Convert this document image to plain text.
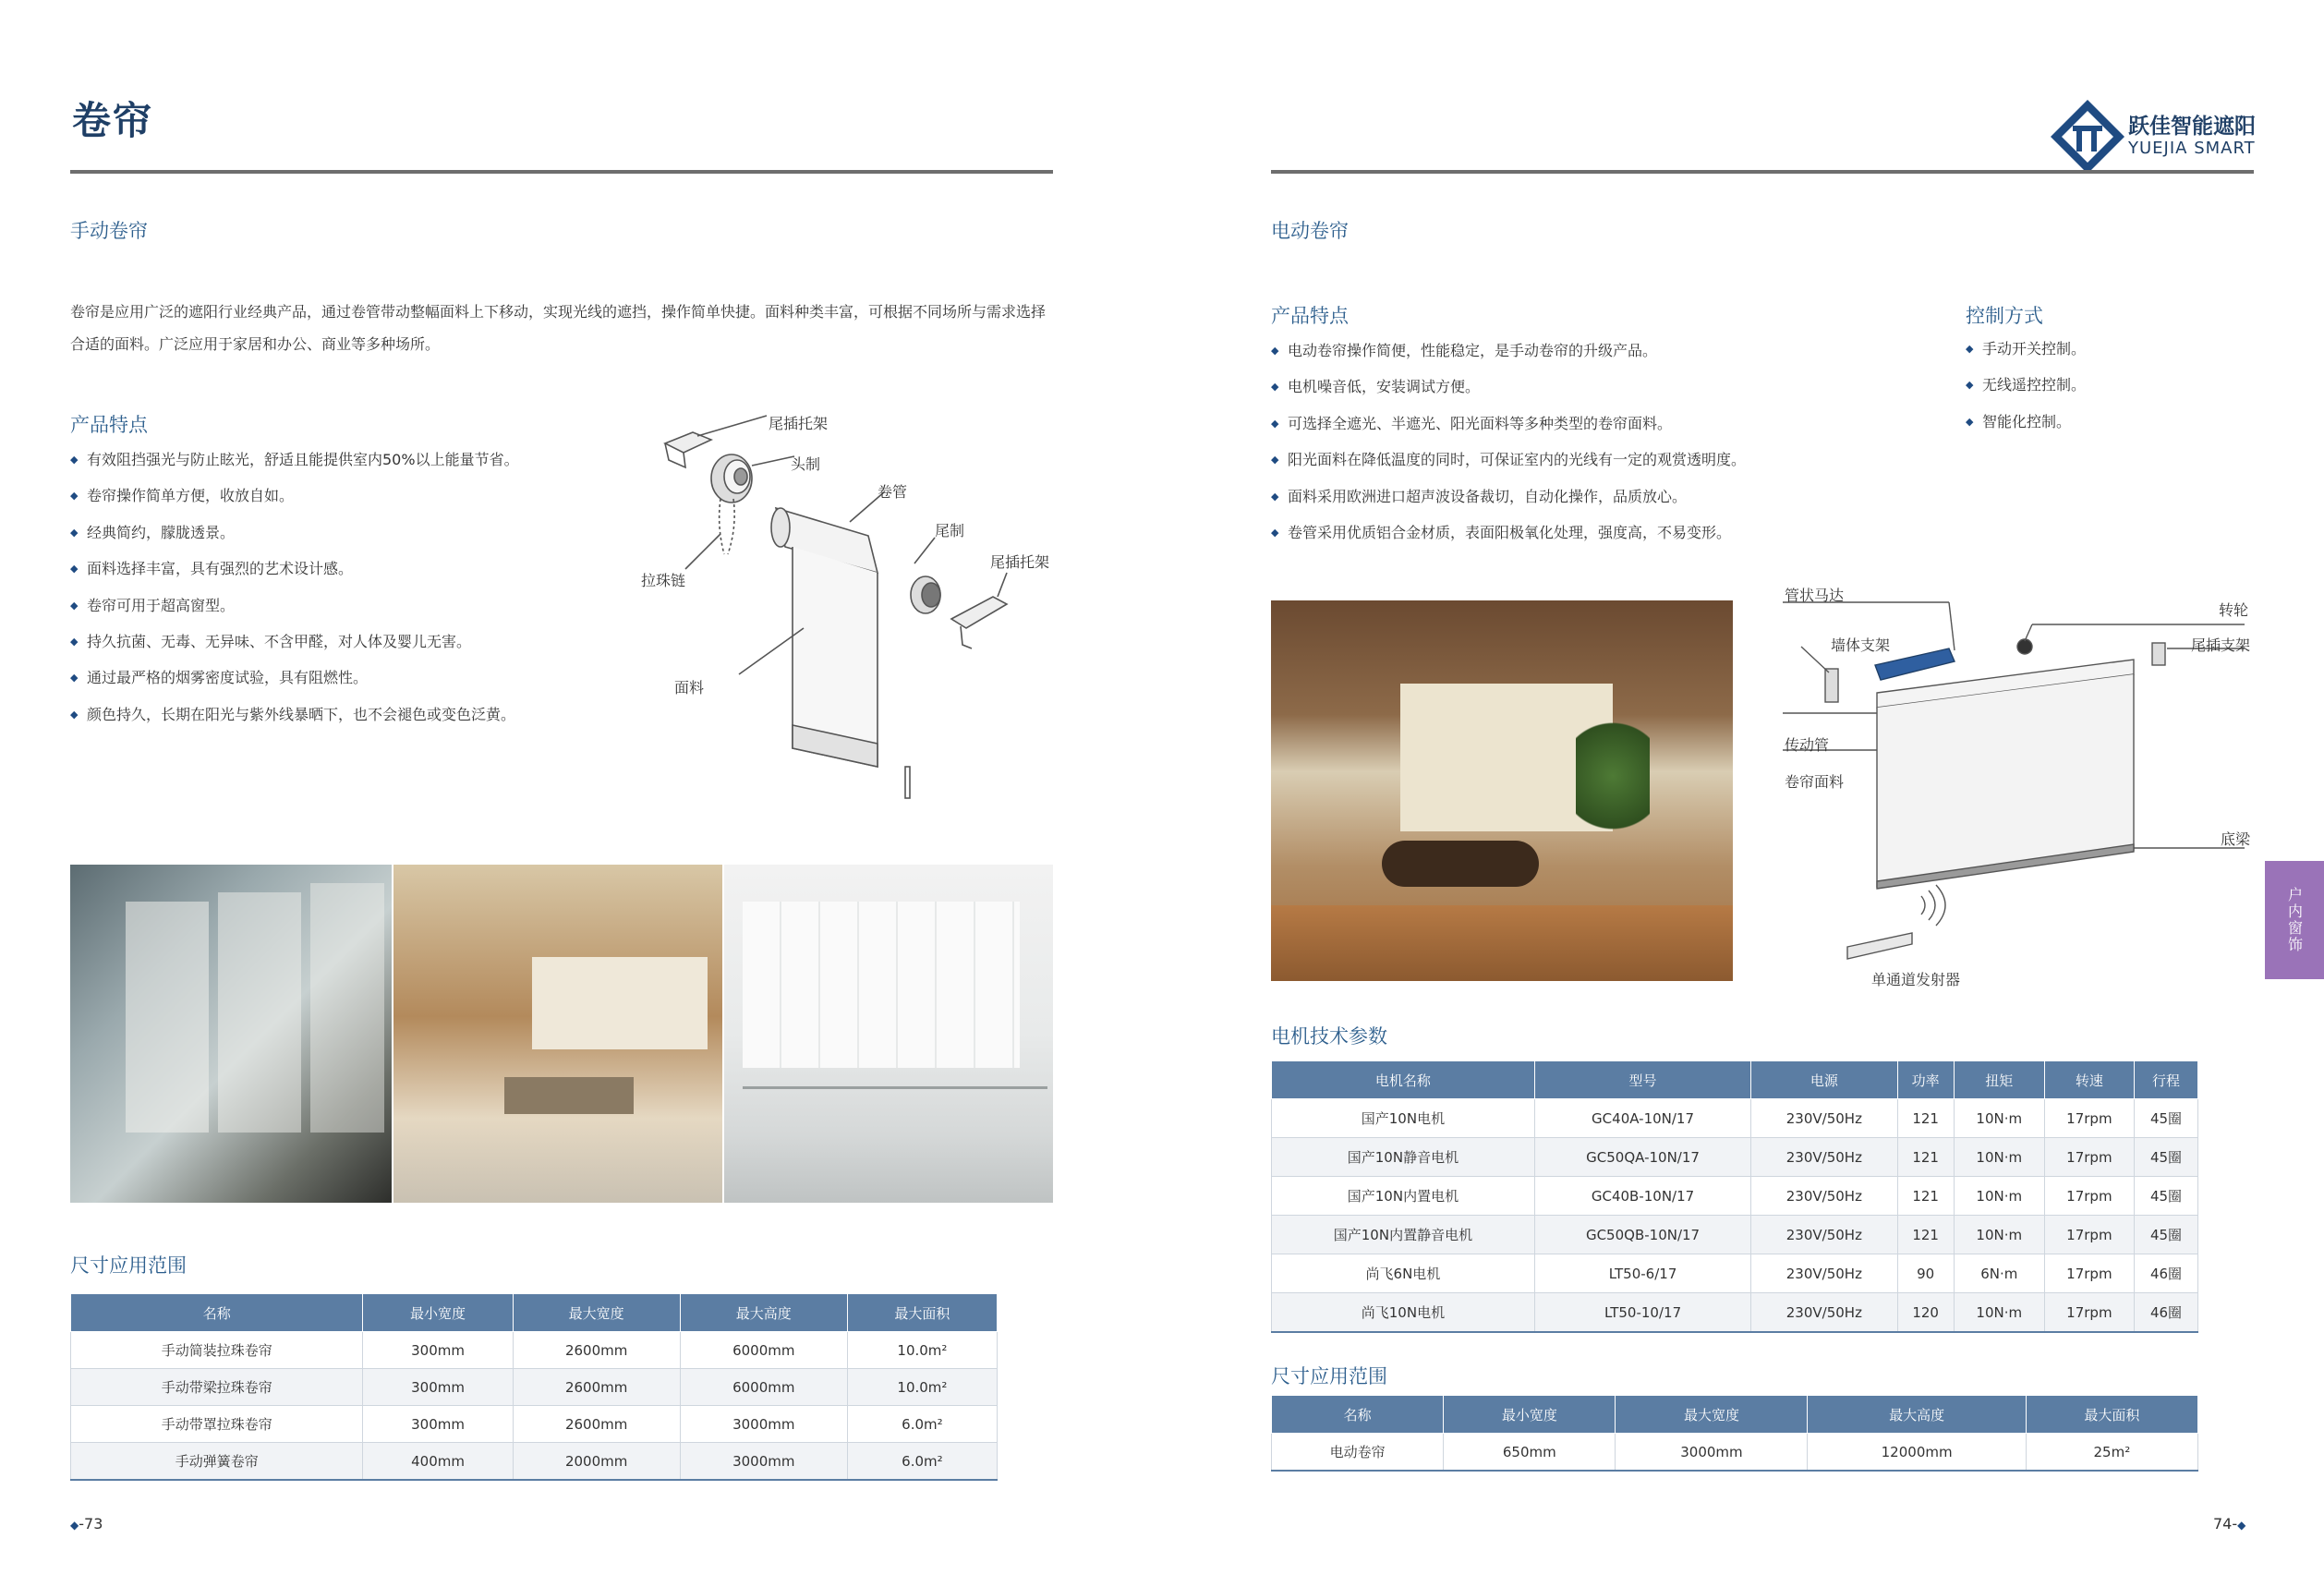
卷帘
手动卷帘
卷帘是应用广泛的遮阳行业经典产品，通过卷管带动整幅面料上下移动，实现光线的遮挡，操作简单快捷。面料种类丰富，可根据不同场所与需求选择合适的面料。广泛应用于家居和办公、商业等多种场所。
产品特点
◆ 有效阻挡强光与防止眩光，舒适且能提供室内50%以上能量节省。
◆ 卷帘操作简单方便，收放自如。
◆ 经典简约，朦胧透景。
◆ 面料选择丰富，具有强烈的艺术设计感。
◆ 卷帘可用于超高窗型。
◆ 持久抗菌、无毒、无异味、不含甲醛，对人体及婴儿无害。
◆ 通过最严格的烟雾密度试验，具有阻燃性。
◆ 颜色持久，长期在阳光与紫外线暴晒下，也不会褪色或变色泛黄。
尾插托架
头制
卷管
尾制
尾插托架
拉珠链
面料
尺寸应用范围
名称	最小宽度	最大宽度	最大高度	最大面积
手动简装拉珠卷帘	300mm	2600mm	6000mm	10.0m²
手动带梁拉珠卷帘	300mm	2600mm	6000mm	10.0m²
手动带罩拉珠卷帘	300mm	2600mm	3000mm	6.0m²
手动弹簧卷帘	400mm	2000mm	3000mm	6.0m²
◆-73
跃佳智能遮阳
YUEJIA SMART
电动卷帘
产品特点
◆ 电动卷帘操作简便，性能稳定，是手动卷帘的升级产品。
◆ 电机噪音低，安装调试方便。
◆ 可选择全遮光、半遮光、阳光面料等多种类型的卷帘面料。
◆ 阳光面料在降低温度的同时，可保证室内的光线有一定的观赏透明度。
◆ 面料采用欧洲进口超声波设备裁切，自动化操作，品质放心。
◆ 卷管采用优质铝合金材质，表面阳极氧化处理，强度高，不易变形。
控制方式
◆ 手动开关控制。
◆ 无线遥控控制。
◆ 智能化控制。
管状马达
墙体支架
传动管
卷帘面料
转轮
尾插支架
底梁
单通道发射器
户内窗饰
电机技术参数
电机名称	型号	电源	功率	扭矩	转速	行程
国产10N电机	GC40A-10N/17	230V/50Hz	121	10N·m	17rpm	45圈
国产10N静音电机	GC50QA-10N/17	230V/50Hz	121	10N·m	17rpm	45圈
国产10N内置电机	GC40B-10N/17	230V/50Hz	121	10N·m	17rpm	45圈
国产10N内置静音电机	GC50QB-10N/17	230V/50Hz	121	10N·m	17rpm	45圈
尚飞6N电机	LT50-6/17	230V/50Hz	90	6N·m	17rpm	46圈
尚飞10N电机	LT50-10/17	230V/50Hz	120	10N·m	17rpm	46圈
尺寸应用范围
名称	最小宽度	最大宽度	最大高度	最大面积
电动卷帘	650mm	3000mm	12000mm	25m²
74-◆
